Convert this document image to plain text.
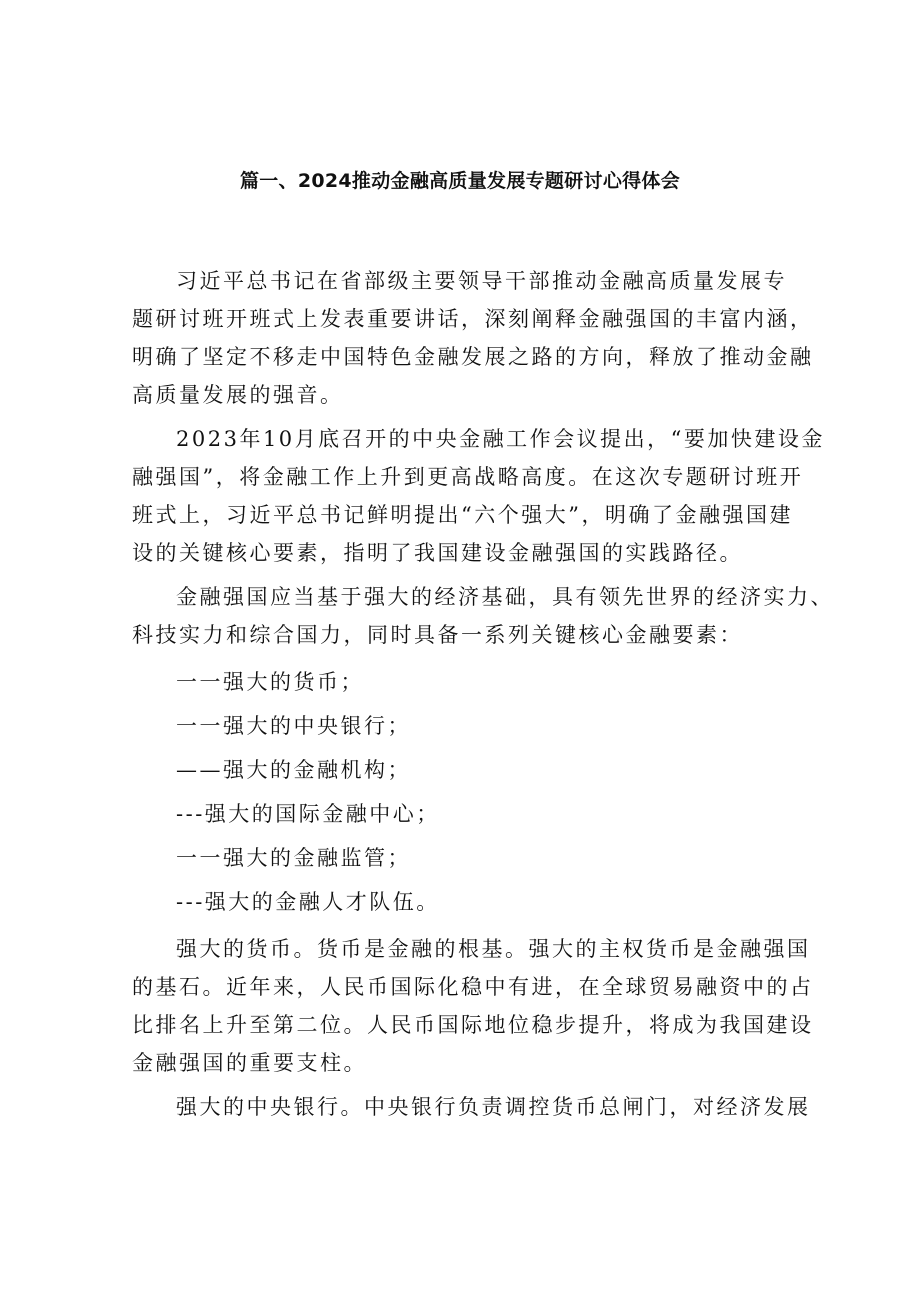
篇一、2024推动金融高质量发展专题研讨心得体会

习近平总书记在省部级主要领导干部推动金融高质量发展专
题研讨班开班式上发表重要讲话，深刻阐释金融强国的丰富内涵，
明确了坚定不移走中国特色金融发展之路的方向，释放了推动金融
高质量发展的强音。

2023年10月底召开的中央金融工作会议提出，“要加快建设金
融强国”，将金融工作上升到更高战略高度。在这次专题研讨班开
班式上，习近平总书记鲜明提出“六个强大”，明确了金融强国建
设的关键核心要素，指明了我国建设金融强国的实践路径。

金融强国应当基于强大的经济基础，具有领先世界的经济实力、
科技实力和综合国力，同时具备一系列关键核心金融要素：

一一强大的货币；
一一强大的中央银行；
——强大的金融机构；
---强大的国际金融中心；
一一强大的金融监管；
---强大的金融人才队伍。

强大的货币。货币是金融的根基。强大的主权货币是金融强国
的基石。近年来，人民币国际化稳中有进，在全球贸易融资中的占
比排名上升至第二位。人民币国际地位稳步提升，将成为我国建设
金融强国的重要支柱。

强大的中央银行。中央银行负责调控货币总闸门，对经济发展
